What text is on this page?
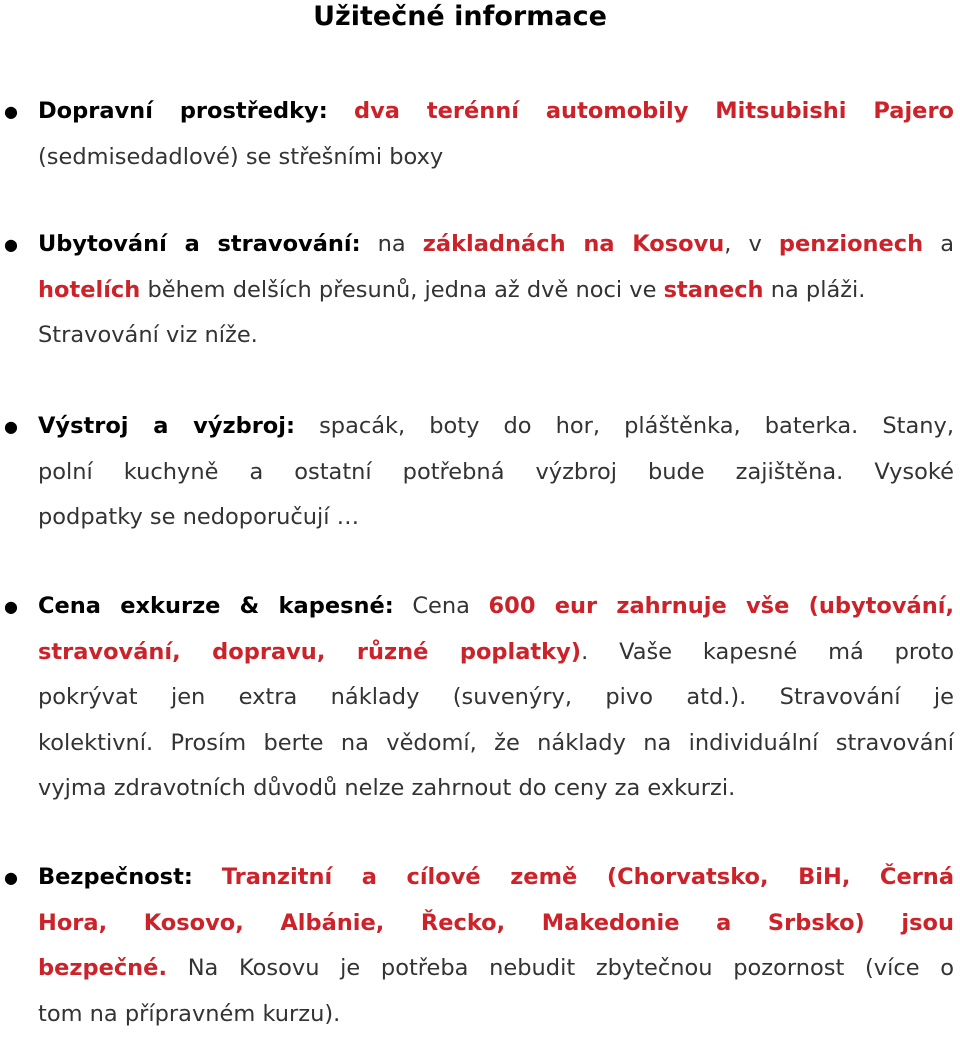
Užitečné informace
● Dopravní prostředky: dva terénní automobily Mitsubishi Pajero
(sedmisedadlové) se střešními boxy
● Ubytování a stravování: na základnách na Kosovu, v penzionech a
hotelích během delších přesunů, jedna až dvě noci ve stanech na pláži.
Stravování viz níže.
● Výstroj a výzbroj: spacák, boty do hor, pláštěnka, baterka. Stany,
polní kuchyně a ostatní potřebná výzbroj bude zajištěna. Vysoké
podpatky se nedoporučují …
● Cena exkurze & kapesné: Cena 600 eur zahrnuje vše (ubytování,
stravování, dopravu, různé poplatky). Vaše kapesné má proto
pokrývat jen extra náklady (suvenýry, pivo atd.). Stravování je
kolektivní. Prosím berte na vědomí, že náklady na individuální stravování
vyjma zdravotních důvodů nelze zahrnout do ceny za exkurzi.
● Bezpečnost: Tranzitní a cílové země (Chorvatsko, BiH, Černá
Hora, Kosovo, Albánie, Řecko, Makedonie a Srbsko) jsou
bezpečné. Na Kosovu je potřeba nebudit zbytečnou pozornost (více o
tom na přípravném kurzu).
